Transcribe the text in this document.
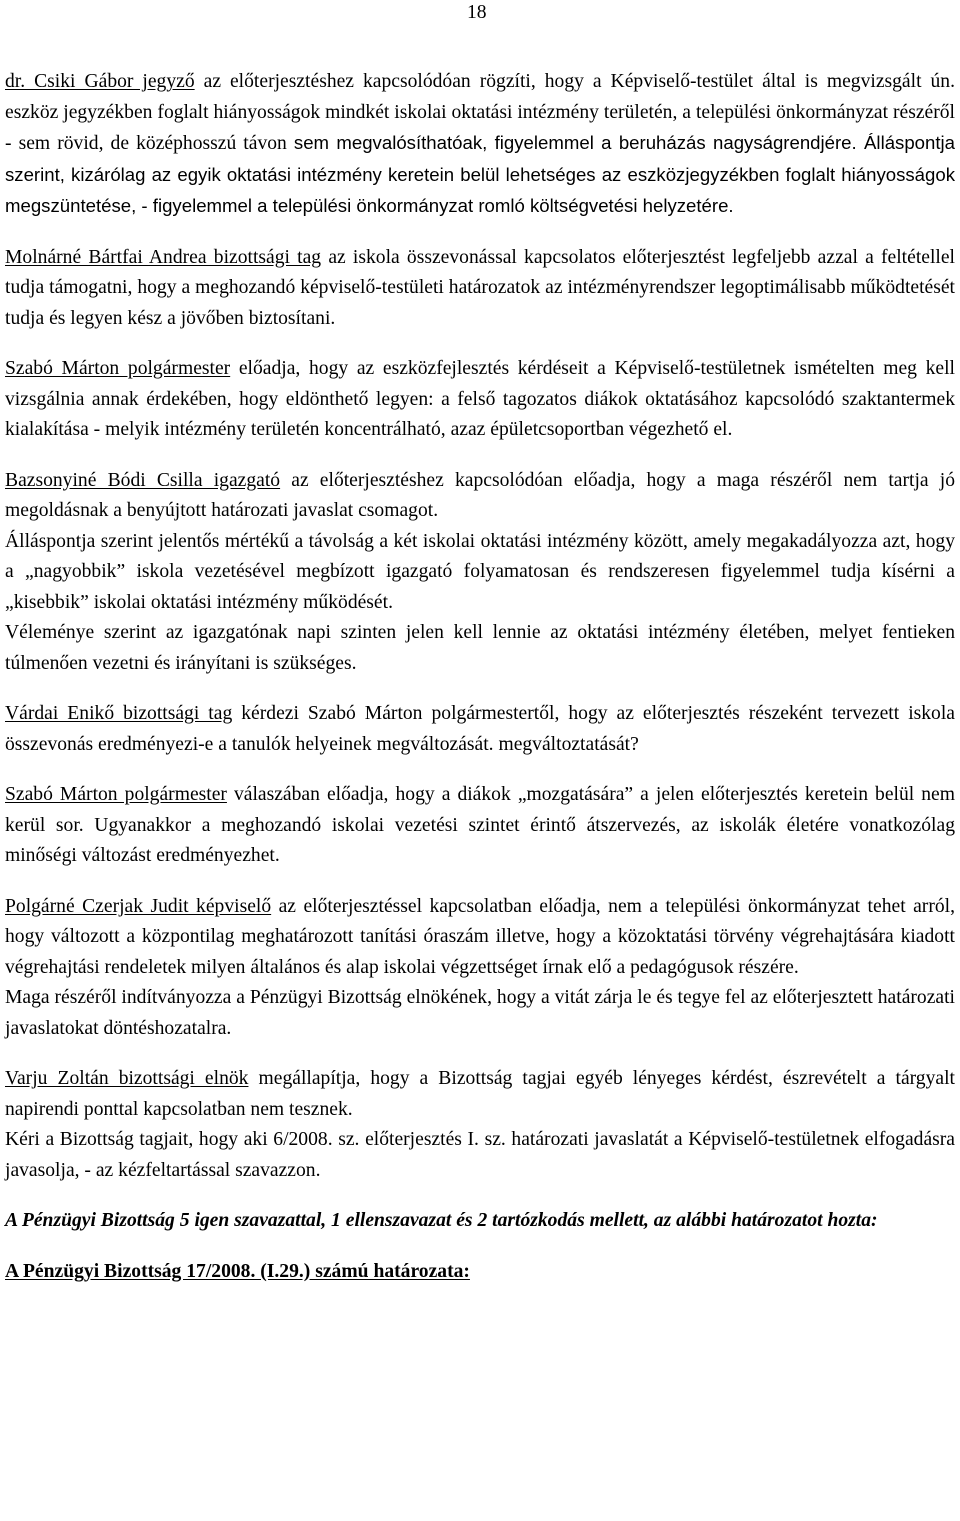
18

dr. Csiki Gábor jegyző az előterjesztéshez kapcsolódóan rögzíti, hogy a Képviselő-testület által is megvizsgált ún. eszköz jegyzékben foglalt hiányosságok mindkét iskolai oktatási intézmény területén, a települési önkormányzat részéről - sem rövid, de középhosszú távon sem megvalósíthatóak, figyelemmel a beruházás nagyságrendjére. Álláspontja szerint, kizárólag az egyik oktatási intézmény keretein belül lehetséges az eszközjegyzékben foglalt hiányosságok megszüntetése, - figyelemmel a települési önkormányzat romló költségvetési helyzetére.

Molnárné Bártfai Andrea bizottsági tag az iskola összevonással kapcsolatos előterjesztést legfeljebb azzal a feltétellel tudja támogatni, hogy a meghozandó képviselő-testületi határozatok az intézményrendszer legoptimálisabb működtetését tudja és legyen kész a jövőben biztosítani.

Szabó Márton polgármester előadja, hogy az eszközfejlesztés kérdéseit a Képviselő-testületnek ismételten meg kell vizsgálnia annak érdekében, hogy eldönthető legyen: a felső tagozatos diákok oktatásához kapcsolódó szaktantermek kialakítása - melyik intézmény területén koncentrálható, azaz épületcsoportban végezhető el.

Bazsonyiné Bódi Csilla igazgató az előterjesztéshez kapcsolódóan előadja, hogy a maga részéről nem tartja jó megoldásnak a benyújtott határozati javaslat csomagot.

Álláspontja szerint jelentős mértékű a távolság a két iskolai oktatási intézmény között, amely megakadályozza azt, hogy a „nagyobbik” iskola vezetésével megbízott igazgató folyamatosan és rendszeresen figyelemmel tudja kísérni a „kisebbik” iskolai oktatási intézmény működését.

Véleménye szerint az igazgatónak napi szinten jelen kell lennie az oktatási intézmény életében, melyet fentieken túlmenően vezetni és irányítani is szükséges.

Várdai Enikő bizottsági tag kérdezi Szabó Márton polgármestertől, hogy az előterjesztés részeként tervezett iskola összevonás eredményezi-e a tanulók helyeinek megváltozását. megváltoztatását?

Szabó Márton polgármester válaszában előadja, hogy a diákok „mozgatására” a jelen előterjesztés keretein belül nem kerül sor. Ugyanakkor a meghozandó iskolai vezetési szintet érintő átszervezés, az iskolák életére vonatkozólag minőségi változást eredményezhet.

Polgárné Czerjak Judit képviselő az előterjesztéssel kapcsolatban előadja, nem a települési önkormányzat tehet arról, hogy változott a központilag meghatározott tanítási óraszám illetve, hogy a közoktatási törvény végrehajtására kiadott végrehajtási rendeletek milyen általános és alap iskolai végzettséget írnak elő a pedagógusok részére.

Maga részéről indítványozza a Pénzügyi Bizottság elnökének, hogy a vitát zárja le és tegye fel az előterjesztett határozati javaslatokat döntéshozatalra.

Varju Zoltán bizottsági elnök megállapítja, hogy a Bizottság tagjai egyéb lényeges kérdést, észrevételt a tárgyalt napirendi ponttal kapcsolatban nem tesznek.

Kéri a Bizottság tagjait, hogy aki 6/2008. sz. előterjesztés I. sz. határozati javaslatát a Képviselő-testületnek elfogadásra javasolja, - az kézfeltartással szavazzon.

A Pénzügyi Bizottság 5 igen szavazattal, 1 ellenszavazat és 2 tartózkodás mellett, az alábbi határozatot hozta:

A Pénzügyi Bizottság 17/2008. (I.29.) számú határozata:
